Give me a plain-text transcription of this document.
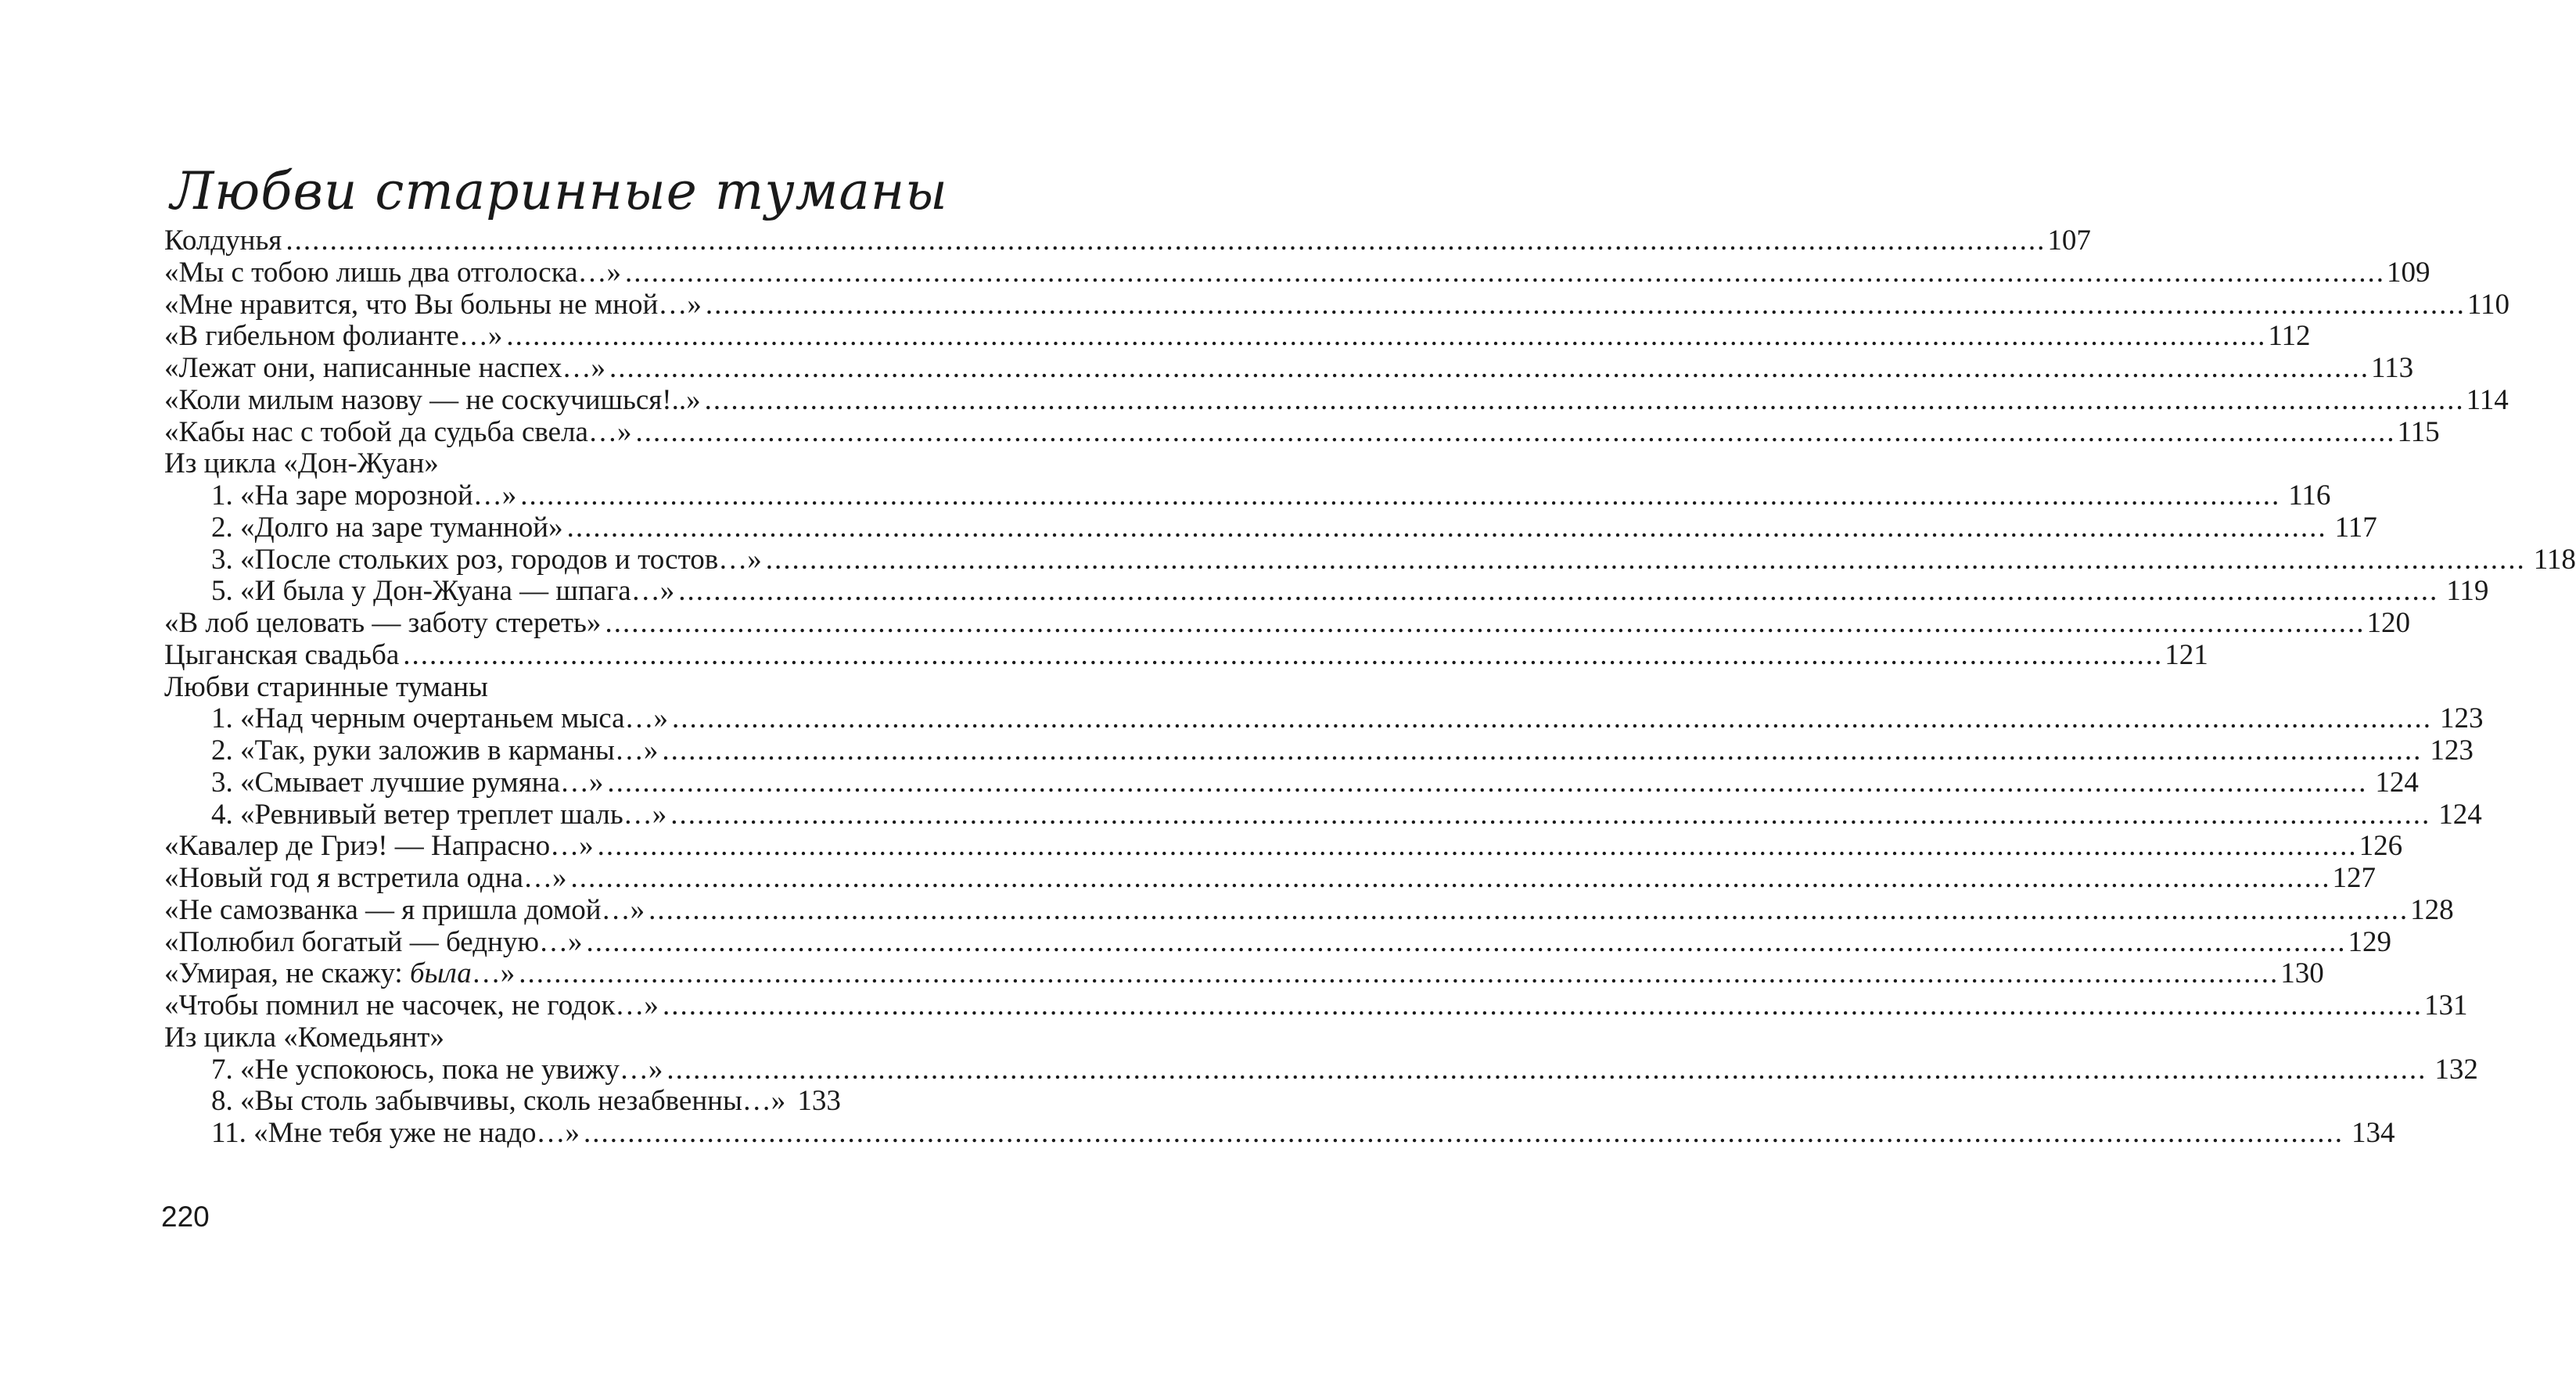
Любви старинные туманы
Колдунья ........................................................................................................................................................................................................ 107
«Мы с тобою лишь два отголоска…» ........................................................................................................................................................................................................ 109
«Мне нравится, что Вы больны не мной…» ........................................................................................................................................................................................................ 110
«В гибельном фолианте…» ........................................................................................................................................................................................................ 112
«Лежат они, написанные наспех…» ........................................................................................................................................................................................................ 113
«Коли милым назову — не соскучишься!..» ........................................................................................................................................................................................................ 114
«Кабы нас с тобой да судьба свела…» ........................................................................................................................................................................................................ 115
Из цикла «Дон-Жуан»
1. «На заре морозной…» ........................................................................................................................................................................................................ 116
2. «Долго на заре туманной» ........................................................................................................................................................................................................ 117
3. «После стольких роз, городов и тостов…» ........................................................................................................................................................................................................ 118
5. «И была у Дон-Жуана — шпага…» ........................................................................................................................................................................................................ 119
«В лоб целовать — заботу стереть» ........................................................................................................................................................................................................ 120
Цыганская свадьба ........................................................................................................................................................................................................ 121
Любви старинные туманы
1. «Над черным очертаньем мыса…» ........................................................................................................................................................................................................ 123
2. «Так, руки заложив в карманы…» ........................................................................................................................................................................................................ 123
3. «Смывает лучшие румяна…» ........................................................................................................................................................................................................ 124
4. «Ревнивый ветер треплет шаль…» ........................................................................................................................................................................................................ 124
«Кавалер де Гриэ! — Напрасно…» ........................................................................................................................................................................................................ 126
«Новый год я встретила одна…» ........................................................................................................................................................................................................ 127
«Не самозванка — я пришла домой…» ........................................................................................................................................................................................................ 128
«Полюбил богатый — бедную…» ........................................................................................................................................................................................................ 129
«Умирая, не скажу: была…» ........................................................................................................................................................................................................ 130
«Чтобы помнил не часочек, не годок…» ........................................................................................................................................................................................................ 131
Из цикла «Комедьянт»
7. «Не успокоюсь, пока не увижу…» ........................................................................................................................................................................................................ 132
8. «Вы столь забывчивы, сколь незабвенны…» 133
11. «Мне тебя уже не надо…» ........................................................................................................................................................................................................ 134
220
